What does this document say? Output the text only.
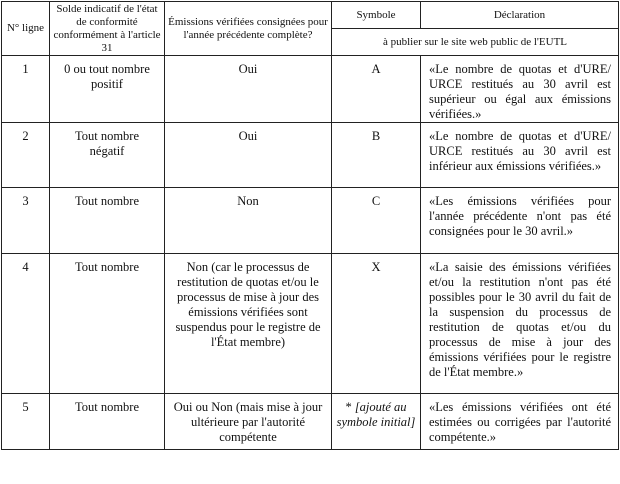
N° ligne	Solde indicatif de l'état de conformité conformément à l'article 31	Émissions vérifiées consignées pour l'année précédente complète?	Symbole	Déclaration
			à publier sur le site web public de l'EUTL	
1	0 ou tout nombre positif	Oui	A	«Le nombre de quotas et d'URE/ URCE restitués au 30 avril est supérieur ou égal aux émissions vérifiées.»
2	Tout nombre négatif	Oui	B	«Le nombre de quotas et d'URE/ URCE restitués au 30 avril est inférieur aux émissions vérifiées.»
3	Tout nombre	Non	C	«Les émissions vérifiées pour l'année précédente n'ont pas été consignées pour le 30 avril.»
4	Tout nombre	Non (car le processus de restitution de quotas et/ou le processus de mise à jour des émissions vérifiées sont suspendus pour le registre de l'État membre)	X	«La saisie des émissions vérifiées et/ou la restitution n'ont pas été possibles pour le 30 avril du fait de la suspension du processus de restitution de quotas et/ou du processus de mise à jour des émissions vérifiées pour le registre de l'État membre.»
5	Tout nombre	Oui ou Non (mais mise à jour ultérieure par l'autorité compétente	* [ajouté au symbole initial]	«Les émissions vérifiées ont été estimées ou corrigées par l'autorité compétente.»
